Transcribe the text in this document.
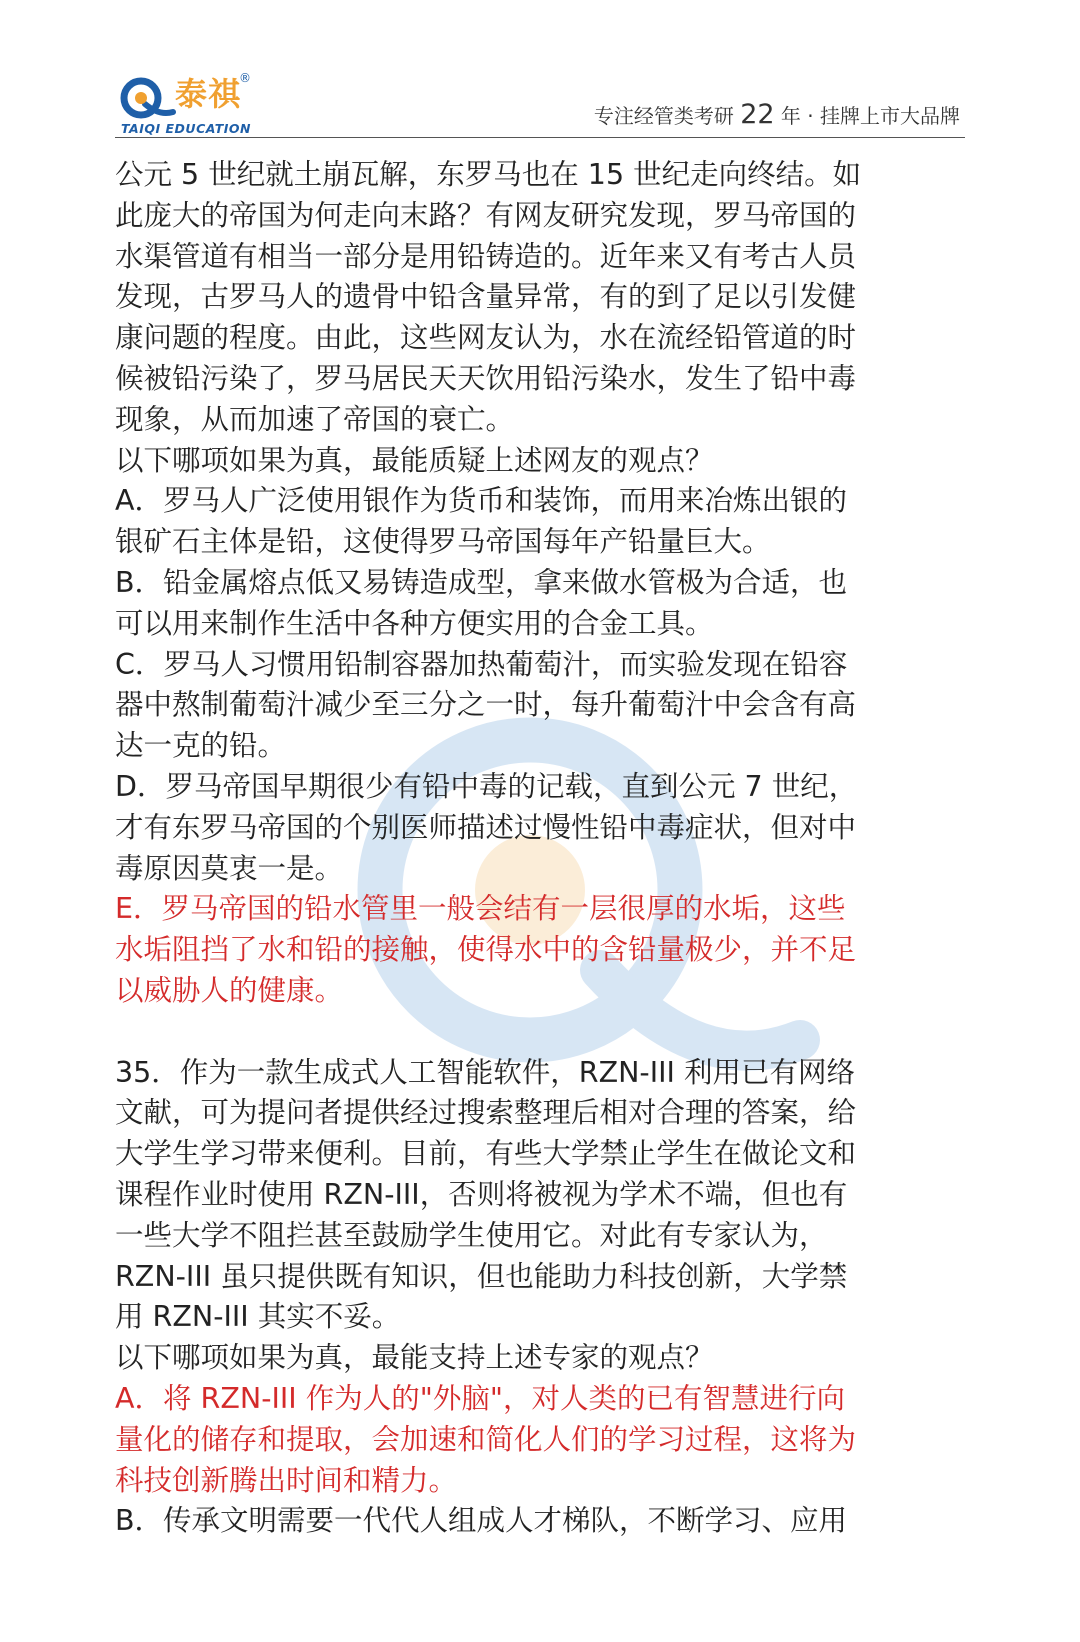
泰祺
®
TAIQI EDUCATION
专注经管类考研 22 年 · 挂牌上市大品牌
公元 5 世纪就土崩瓦解，东罗马也在 15 世纪走向终结。如
此庞大的帝国为何走向末路？有网友研究发现，罗马帝国的
水渠管道有相当一部分是用铅铸造的。近年来又有考古人员
发现，古罗马人的遗骨中铅含量异常，有的到了足以引发健
康问题的程度。由此，这些网友认为，水在流经铅管道的时
候被铅污染了，罗马居民天天饮用铅污染水，发生了铅中毒
现象，从而加速了帝国的衰亡。
以下哪项如果为真，最能质疑上述网友的观点？
A．罗马人广泛使用银作为货币和装饰，而用来冶炼出银的
银矿石主体是铅，这使得罗马帝国每年产铅量巨大。
B．铅金属熔点低又易铸造成型，拿来做水管极为合适，也
可以用来制作生活中各种方便实用的合金工具。
C．罗马人习惯用铅制容器加热葡萄汁，而实验发现在铅容
器中熬制葡萄汁减少至三分之一时，每升葡萄汁中会含有高
达一克的铅。
D．罗马帝国早期很少有铅中毒的记载，直到公元 7 世纪，
才有东罗马帝国的个别医师描述过慢性铅中毒症状，但对中
毒原因莫衷一是。
E．罗马帝国的铅水管里一般会结有一层很厚的水垢，这些
水垢阻挡了水和铅的接触，使得水中的含铅量极少，并不足
以威胁人的健康。
35．作为一款生成式人工智能软件，RZN-III 利用已有网络
文献，可为提问者提供经过搜索整理后相对合理的答案，给
大学生学习带来便利。目前，有些大学禁止学生在做论文和
课程作业时使用 RZN-III，否则将被视为学术不端，但也有
一些大学不阻拦甚至鼓励学生使用它。对此有专家认为，
RZN-III 虽只提供既有知识，但也能助力科技创新，大学禁
用 RZN-III 其实不妥。
以下哪项如果为真，最能支持上述专家的观点？
A．将 RZN-III 作为人的"外脑"，对人类的已有智慧进行向
量化的储存和提取，会加速和简化人们的学习过程，这将为
科技创新腾出时间和精力。
B．传承文明需要一代代人组成人才梯队，不断学习、应用
